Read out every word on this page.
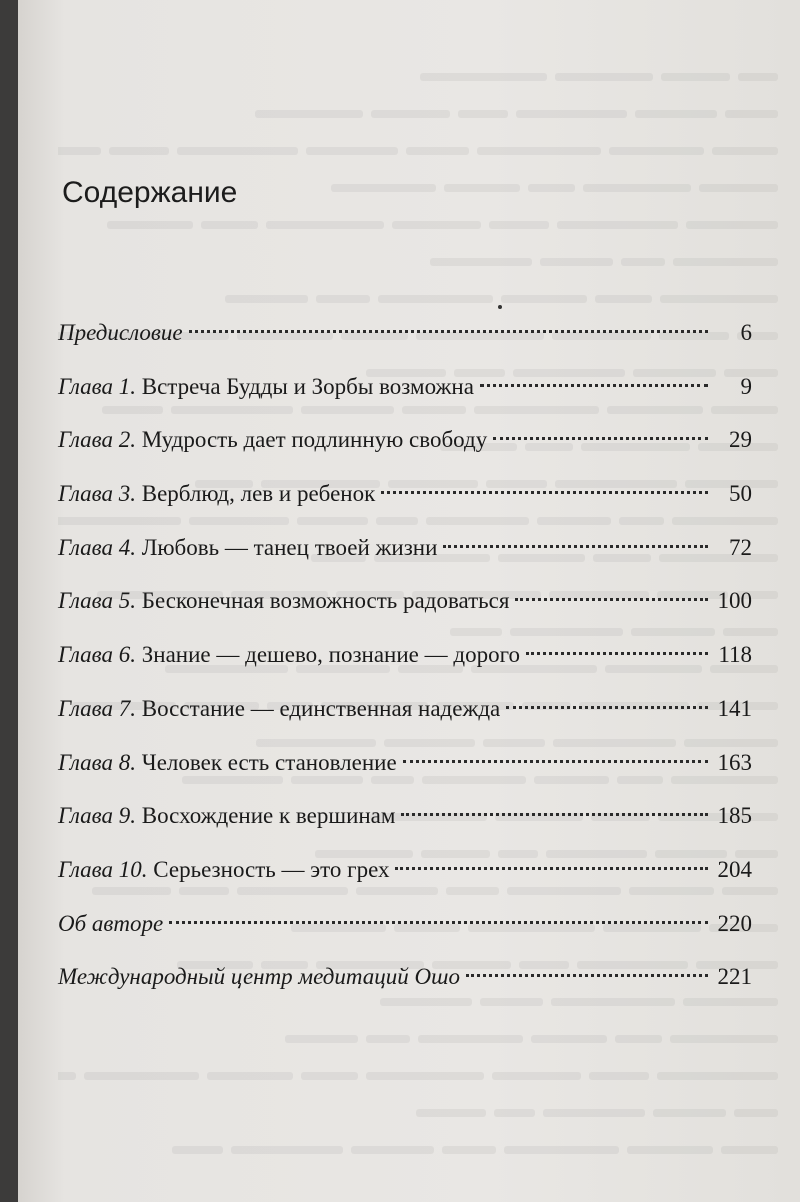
Содержание
Предисловие	6
Глава 1. Встреча Будды и Зорбы возможна	9
Глава 2. Мудрость дает подлинную свободу	29
Глава 3. Верблюд, лев и ребенок	50
Глава 4. Любовь — танец твоей жизни	72
Глава 5. Бесконечная возможность радоваться	100
Глава 6. Знание — дешево, познание — дорого	118
Глава 7. Восстание — единственная надежда	141
Глава 8. Человек есть становление	163
Глава 9. Восхождение к вершинам	185
Глава 10. Серьезность — это грех	204
Об авторе	220
Международный центр медитаций Ошо	221
